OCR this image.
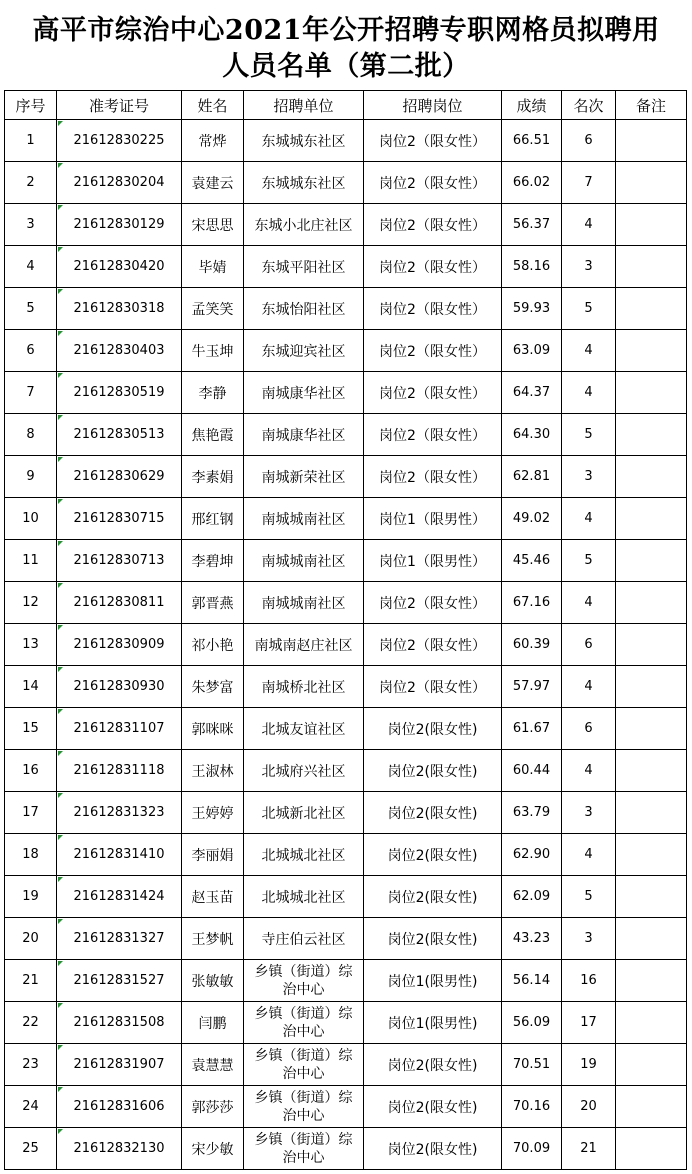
高平市综治中心2021年公开招聘专职网格员拟聘用
人员名单（第二批）
序号	准考证号	姓名	招聘单位	招聘岗位	成绩	名次	备注
1	21612830225	常烨	东城城东社区	岗位2（限女性）	66.51	6	
2	21612830204	袁建云	东城城东社区	岗位2（限女性）	66.02	7	
3	21612830129	宋思思	东城小北庄社区	岗位2（限女性）	56.37	4	
4	21612830420	毕婧	东城平阳社区	岗位2（限女性）	58.16	3	
5	21612830318	孟笑笑	东城怡阳社区	岗位2（限女性）	59.93	5	
6	21612830403	牛玉坤	东城迎宾社区	岗位2（限女性）	63.09	4	
7	21612830519	李静	南城康华社区	岗位2（限女性）	64.37	4	
8	21612830513	焦艳霞	南城康华社区	岗位2（限女性）	64.30	5	
9	21612830629	李素娟	南城新荣社区	岗位2（限女性）	62.81	3	
10	21612830715	邢红钢	南城城南社区	岗位1（限男性）	49.02	4	
11	21612830713	李碧坤	南城城南社区	岗位1（限男性）	45.46	5	
12	21612830811	郭晋燕	南城城南社区	岗位2（限女性）	67.16	4	
13	21612830909	祁小艳	南城南赵庄社区	岗位2（限女性）	60.39	6	
14	21612830930	朱梦富	南城桥北社区	岗位2（限女性）	57.97	4	
15	21612831107	郭咪咪	北城友谊社区	岗位2(限女性)	61.67	6	
16	21612831118	王淑林	北城府兴社区	岗位2(限女性)	60.44	4	
17	21612831323	王婷婷	北城新北社区	岗位2(限女性)	63.79	3	
18	21612831410	李丽娟	北城城北社区	岗位2(限女性)	62.90	4	
19	21612831424	赵玉苗	北城城北社区	岗位2(限女性)	62.09	5	
20	21612831327	王梦帆	寺庄伯云社区	岗位2(限女性)	43.23	3	
21	21612831527	张敏敏	乡镇（街道）综
治中心	岗位1(限男性)	56.14	16	
22	21612831508	闫鹏	乡镇（街道）综
治中心	岗位1(限男性)	56.09	17	
23	21612831907	袁慧慧	乡镇（街道）综
治中心	岗位2(限女性)	70.51	19	
24	21612831606	郭莎莎	乡镇（街道）综
治中心	岗位2(限女性)	70.16	20	
25	21612832130	宋少敏	乡镇（街道）综
治中心	岗位2(限女性)	70.09	21	
